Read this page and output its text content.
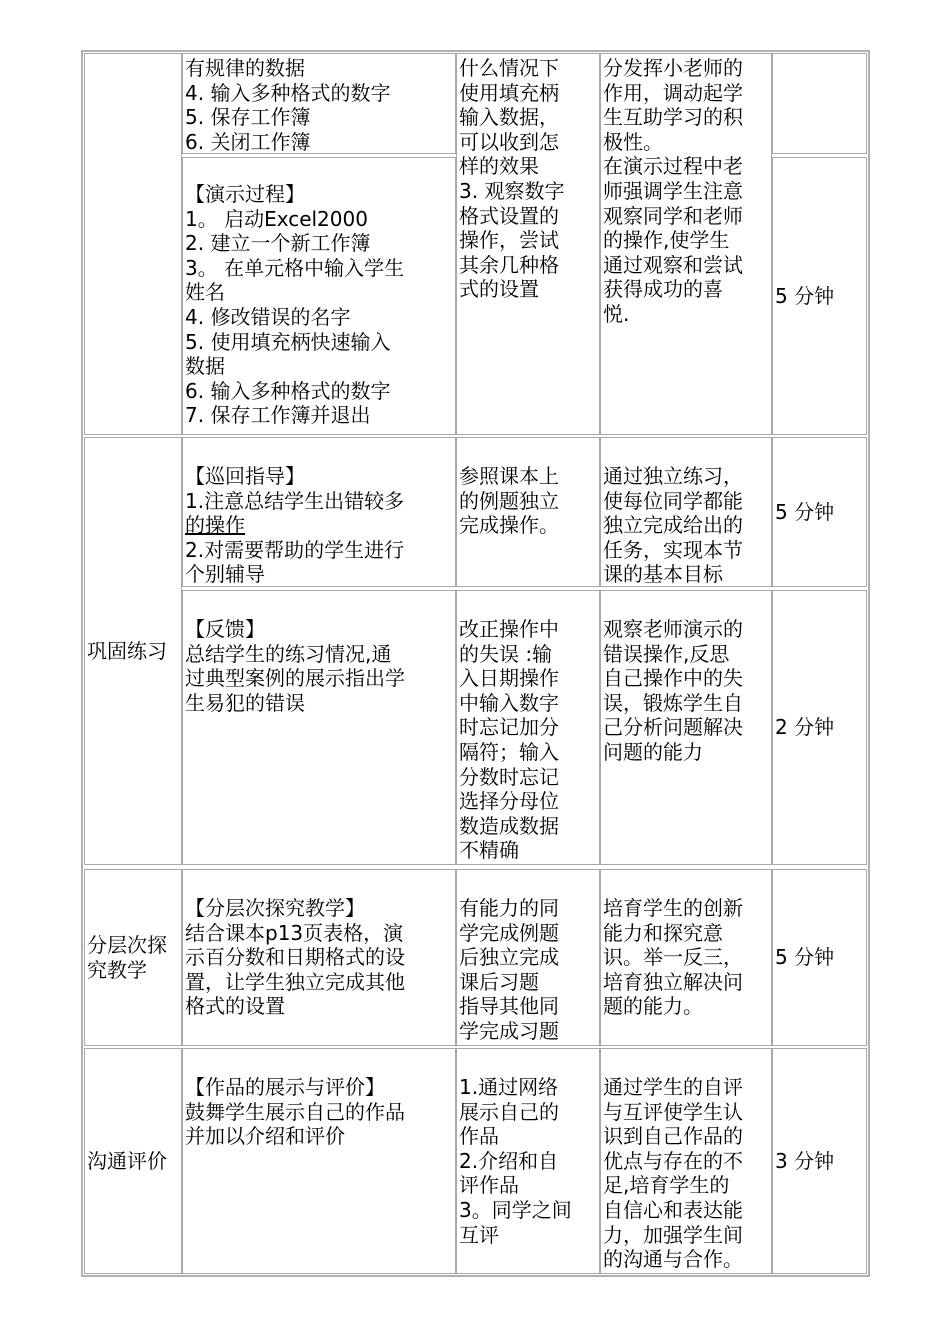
有规律的数据
4. 输入多种格式的数字
5. 保存工作簿
6. 关闭工作簿
【演示过程】
1。 启动Excel2000
2. 建立一个新工作簿
3。 在单元格中输入学生
姓名
4. 修改错误的名字
5. 使用填充柄快速输入
数据
6. 输入多种格式的数字
7. 保存工作簿并退出
什么情况下
使用填充柄
输入数据，
可以收到怎
样的效果
3. 观察数字
格式设置的
操作，尝试
其余几种格
式的设置
分发挥小老师的
作用，调动起学
生互助学习的积
极性。
在演示过程中老
师强调学生注意
观察同学和老师
的操作,使学生
通过观察和尝试
获得成功的喜
悦.
5 分钟
巩固练习
【巡回指导】
1.注意总结学生出错较多
的操作
2.对需要帮助的学生进行
个别辅导
参照课本上
的例题独立
完成操作。
通过独立练习，
使每位同学都能
独立完成给出的
任务，实现本节
课的基本目标
5 分钟
【反馈】
总结学生的练习情况,通
过典型案例的展示指出学
生易犯的错误
改正操作中
的失误 :输
入日期操作
中输入数字
时忘记加分
隔符；输入
分数时忘记
选择分母位
数造成数据
不精确
观察老师演示的
错误操作,反思
自己操作中的失
误，锻炼学生自
己分析问题解决
问题的能力
2 分钟
分层次探
究教学
【分层次探究教学】
结合课本p13页表格，演
示百分数和日期格式的设
置，让学生独立完成其他
格式的设置
有能力的同
学完成例题
后独立完成
课后习题
指导其他同
学完成习题
培育学生的创新
能力和探究意
识。举一反三，
培育独立解决问
题的能力。
5 分钟
沟通评价
【作品的展示与评价】
鼓舞学生展示自己的作品
并加以介绍和评价
1.通过网络
展示自己的
作品
2.介绍和自
评作品
3。同学之间
互评
通过学生的自评
与互评使学生认
识到自己作品的
优点与存在的不
足,培育学生的
自信心和表达能
力，加强学生间
的沟通与合作。
3 分钟
